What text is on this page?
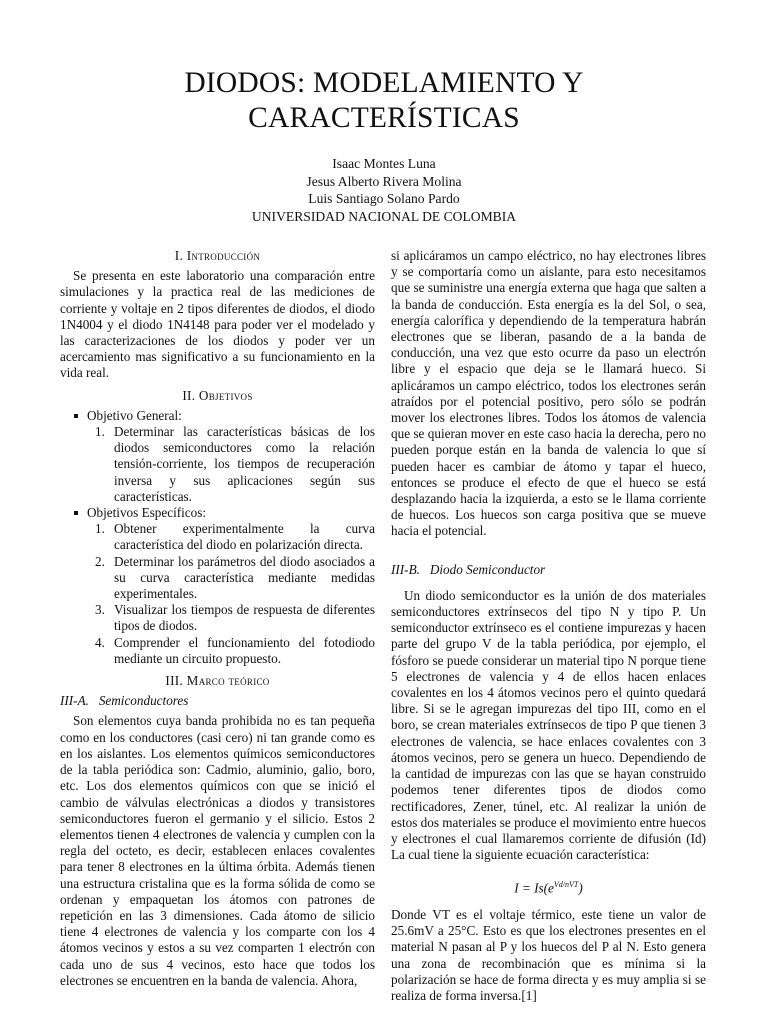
DIODOS: MODELAMIENTO Y
CARACTERÍSTICAS
Isaac Montes Luna
Jesus Alberto Rivera Molina
Luis Santiago Solano Pardo
UNIVERSIDAD NACIONAL DE COLOMBIA
I. Introducción

Se presenta en este laboratorio una comparación entre simulaciones y la practica real de las mediciones de corriente y voltaje en 2 tipos diferentes de diodos, el diodo 1N4004 y el diodo 1N4148 para poder ver el modelado y las caracterizaciones de los diodos y poder ver un acercamiento mas significativo a su funcionamiento en la vida real.

II. Objetivos
Objetivo General:
1. Determinar las características básicas de los diodos semiconductores como la relación tensión-corriente, los tiempos de recuperación inversa y sus aplicaciones según sus características.
Objetivos Específicos:
1. Obtener experimentalmente la curva característica del diodo en polarización directa.
2. Determinar los parámetros del diodo asociados a su curva característica mediante medidas experimentales.
3. Visualizar los tiempos de respuesta de diferentes tipos de diodos.
4. Comprender el funcionamiento del fotodiodo mediante un circuito propuesto.
III. Marco teórico
III-A. Semiconductores

Son elementos cuya banda prohibida no es tan pequeña como en los conductores (casi cero) ni tan grande como es en los aislantes. Los elementos químicos semiconductores de la tabla periódica son: Cadmio, aluminio, galio, boro, etc. Los dos elementos químicos con que se inició el cambio de válvulas electrónicas a diodos y transistores semiconductores fueron el germanio y el silicio. Estos 2 elementos tienen 4 electrones de valencia y cumplen con la regla del octeto, es decir, establecen enlaces covalentes para tener 8 electrones en la última órbita. Además tienen una estructura cristalina que es la forma sólida de como se ordenan y empaquetan los átomos con patrones de repetición en las 3 dimensiones. Cada átomo de silicio tiene 4 electrones de valencia y los comparte con los 4 átomos vecinos y estos a su vez comparten 1 electrón con cada uno de sus 4 vecinos, esto hace que todos los electrones se encuentren en la banda de valencia. Ahora,

si aplicáramos un campo eléctrico, no hay electrones libres y se comportaría como un aislante, para esto necesitamos que se suministre una energía externa que haga que salten a la banda de conducción. Esta energía es la del Sol, o sea, energía calorífica y dependiendo de la temperatura habrán electrones que se liberan, pasando de a la banda de conducción, una vez que esto ocurre da paso un electrón libre y el espacio que deja se le llamará hueco. Si aplicáramos un campo eléctrico, todos los electrones serán atraídos por el potencial positivo, pero sólo se podrán mover los electrones libres. Todos los átomos de valencia que se quieran mover en este caso hacia la derecha, pero no pueden porque están en la banda de valencia lo que sí pueden hacer es cambiar de átomo y tapar el hueco, entonces se produce el efecto de que el hueco se está desplazando hacia la izquierda, a esto se le llama corriente de huecos. Los huecos son carga positiva que se mueve hacia el potencial.

III-B. Diodo Semiconductor

Un diodo semiconductor es la unión de dos materiales semiconductores extrínsecos del tipo N y tipo P. Un semiconductor extrínseco es el contiene impurezas y hacen parte del grupo V de la tabla periódica, por ejemplo, el fósforo se puede considerar un material tipo N porque tiene 5 electrones de valencia y 4 de ellos hacen enlaces covalentes en los 4 átomos vecinos pero el quinto quedará libre. Si se le agregan impurezas del tipo III, como en el boro, se crean materiales extrínsecos de tipo P que tienen 3 electrones de valencia, se hace enlaces covalentes con 3 átomos vecinos, pero se genera un hueco. Dependiendo de la cantidad de impurezas con las que se hayan construido podemos tener diferentes tipos de diodos como rectificadores, Zener, túnel, etc. Al realizar la unión de estos dos materiales se produce el movimiento entre huecos y electrones el cual llamaremos corriente de difusión (Id) La cual tiene la siguiente ecuación característica:

$I = Is(e^{Vd/nVT})$

Donde VT es el voltaje térmico, este tiene un valor de 25.6mV a 25°C. Esto es que los electrones presentes en el material N pasan al P y los huecos del P al N. Esto genera una zona de recombinación que es mínima si la polarización se hace de forma directa y es muy amplia si se realiza de forma inversa.[1]
